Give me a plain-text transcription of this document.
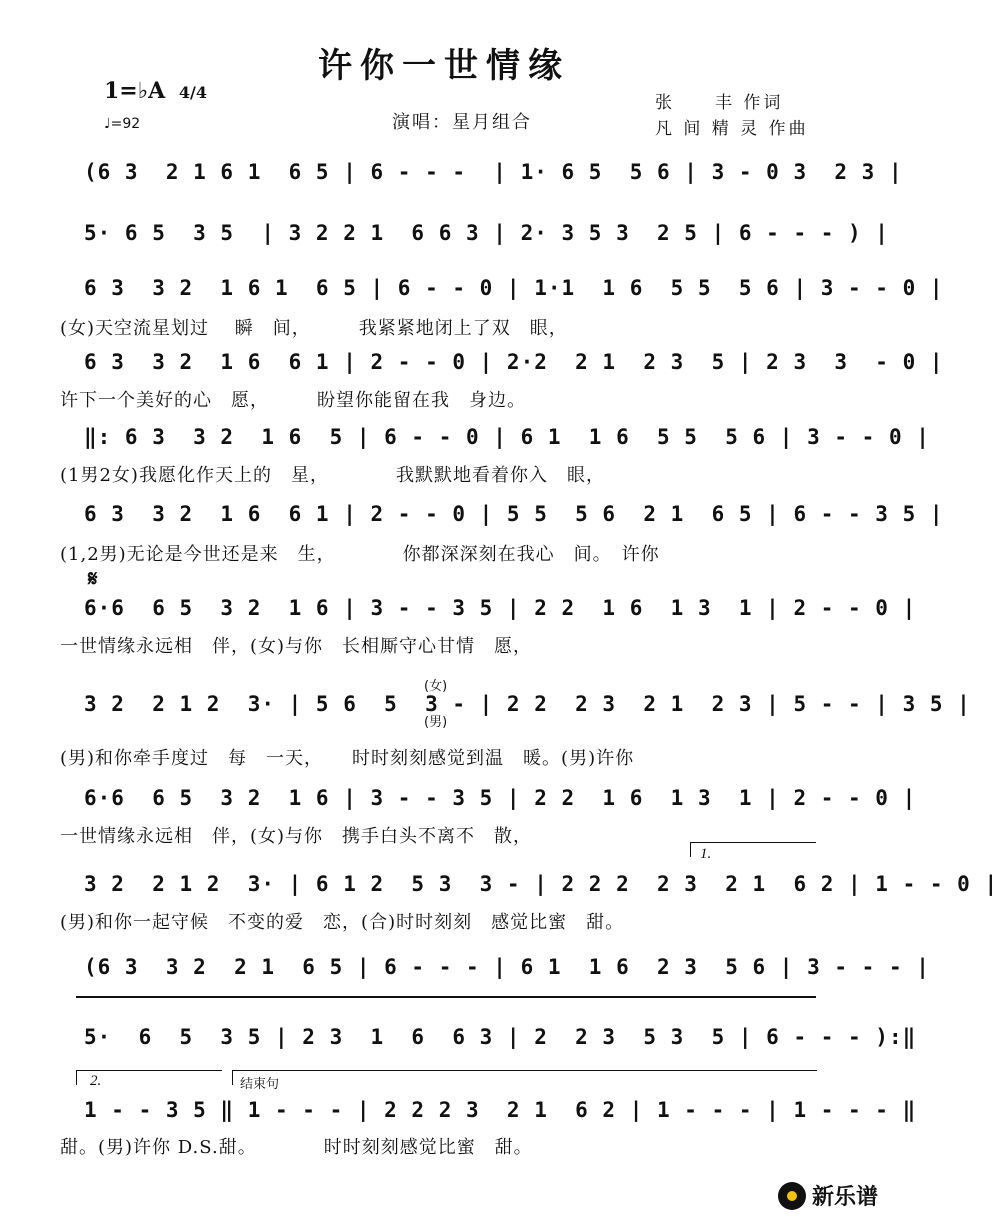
许你一世情缘
1=♭A 4/4
♩=92	演唱：星月组合
张　　丰 作词
凡 间 精 灵 作曲
(6 3  2 1 6 1  6 5 | 6 - - -  | 1· 6 5  5 6 | 3 - 0 3  2 3 |
5· 6 5  3 5  | 3 2 2 1  6 6 3 | 2· 3 5 3  2 5 | 6 - - - ) |
6 3  3 2  1 6 1  6 5 | 6 - - 0 | 1·1  1 6  5 5  5 6 | 3 - - 0 |
(女)天空流星划过　 瞬　间，　　　我紧紧地闭上了双　眼，
6 3  3 2  1 6  6 1 | 2 - - 0 | 2·2  2 1  2 3  5 | 2 3  3  - 0 |
许下一个美好的心　愿，　　　盼望你能留在我　身边。
‖: 6 3  3 2  1 6  5 | 6 - - 0 | 6 1  1 6  5 5  5 6 | 3 - - 0 |
(1男2女)我愿化作天上的　星，　　　　我默默地看着你入　眼，
6 3  3 2  1 6  6 1 | 2 - - 0 | 5 5  5 6  2 1  6 5 | 6 - - 3 5 |
(1,2男)无论是今世还是来　生，　　　　你都深深刻在我心　间。　许你
𝄋
6·6  6 5  3 2  1 6 | 3 - - 3 5 | 2 2  1 6  1 3  1 | 2 - - 0 |
一世情缘永远相　伴，(女)与你　长相厮守心甘情　愿，
(女)
(男)
3 2  2 1 2  3· | 5 6  5  3 - | 2 2  2 3  2 1  2 3 | 5 - - | 3 5 |
(男)和你牵手度过　每　一天，　　时时刻刻感觉到温　暖。(男)许你
6·6  6 5  3 2  1 6 | 3 - - 3 5 | 2 2  1 6  1 3  1 | 2 - - 0 |
一世情缘永远相　伴，(女)与你　携手白头不离不　散，
1.
3 2  2 1 2  3· | 6 1 2  5 3  3 - | 2 2 2  2 3  2 1  6 2 | 1 - - 0 |
(男)和你一起守候　不变的爱　恋，(合)时时刻刻　感觉比蜜　甜。
(6 3  3 2  2 1  6 5 | 6 - - - | 6 1  1 6  2 3  5 6 | 3 - - - |
5·  6  5  3 5 | 2 3  1  6  6 3 | 2  2 3  5 3  5 | 6 - - - ):‖
2.	结束句
1 - - 3 5 ‖ 1 - - - | 2 2 2 3  2 1  6 2 | 1 - - - | 1 - - - ‖
甜。(男)许你 D.S.甜。　　　　时时刻刻感觉比蜜　甜。
新乐谱
